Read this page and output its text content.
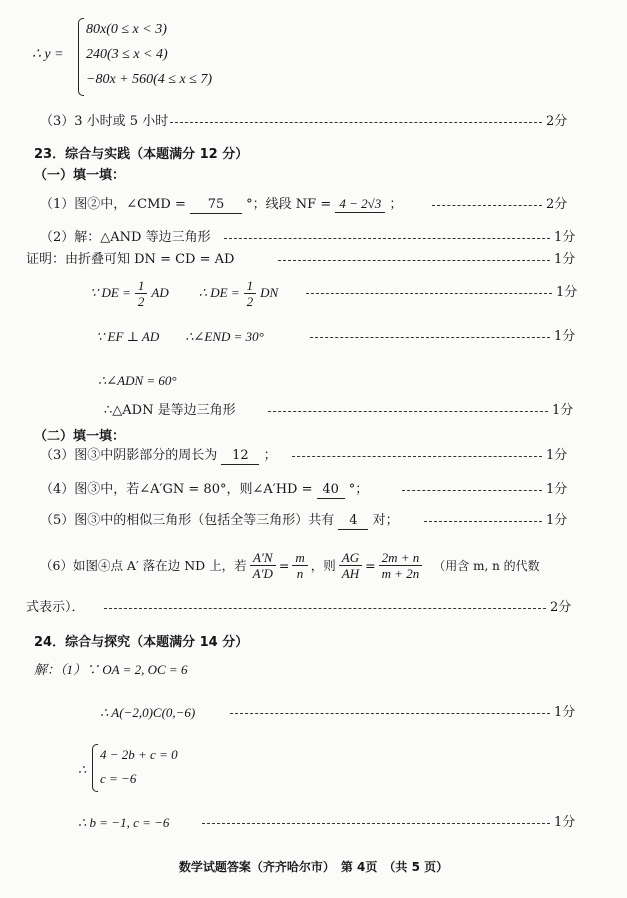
∴ y =
80x(0 ≤ x < 3)
240(3 ≤ x < 4)
−80x + 560(4 ≤ x ≤ 7)
（3）3 小时或 5 小时	2分
23．综合与实践（本题满分 12 分）
（一）填一填：
（1）图②中，∠CMD = 75 °；线段 NF = 4 − 2√3 ；	2分
（2）解：△AND 等边三角形	1分
证明：由折叠可知 DN = CD = AD	1分
∵ DE = $\frac{1}{2}$ AD ∴ DE = $\frac{1}{2}$ DN	1分
∵ EF ⊥ AD　　∴∠END = 30°	1分
∴∠ADN = 60°
∴△ADN 是等边三角形	1分
（二）填一填：
（3）图③中阴影部分的周长为 12 ；	1分
（4）图③中，若∠A′GN = 80°，则∠A′HD = 40 °；	1分
（5）图③中的相似三角形（包括全等三角形）共有 4 对；	1分
（6）如图④点 A′ 落在边 ND 上，若 $\frac{A'N}{A'D} = \frac{m}{n}$ ，则 $\frac{AG}{AH} = \frac{2m + n}{m + 2n}$ （用含 m, n 的代数
式表示）．	2分
24．综合与探究（本题满分 14 分）
解：（1）∵ OA = 2, OC = 6
∴ A(−2,0)C(0,−6)	1分
∴
4 − 2b + c = 0
c = −6
∴ b = −1, c = −6	1分
数学试题答案（齐齐哈尔市）　第 4页　（共 5 页）
